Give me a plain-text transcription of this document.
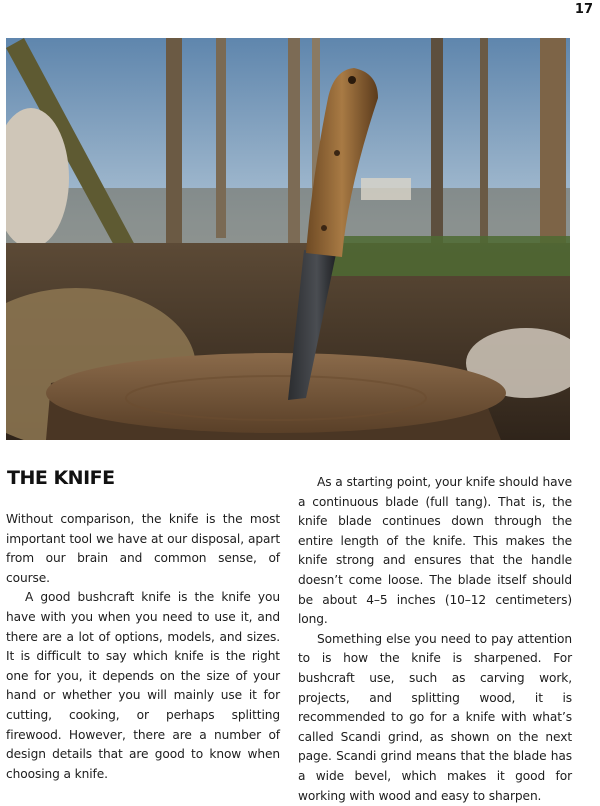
17
THE KNIFE

Without comparison, the knife is the most important tool we have at our disposal, apart from our brain and common sense, of course.

A good bushcraft knife is the knife you have with you when you need to use it, and there are a lot of options, models, and sizes. It is difficult to say which knife is the right one for you, it depends on the size of your hand or whether you will mainly use it for cutting, cooking, or perhaps splitting firewood. However, there are a number of design details that are good to know when choosing a knife.

As a starting point, your knife should have a continuous blade (full tang). That is, the knife blade continues down through the entire length of the knife. This makes the knife strong and ensures that the handle doesn’t come loose. The blade itself should be about 4–5 inches (10–12 centimeters) long.

Something else you need to pay attention to is how the knife is sharpened. For bushcraft use, such as carving work, projects, and splitting wood, it is recommended to go for a knife with what’s called Scandi grind, as shown on the next page. Scandi grind means that the blade has a wide bevel, which makes it good for working with wood and easy to sharpen.
